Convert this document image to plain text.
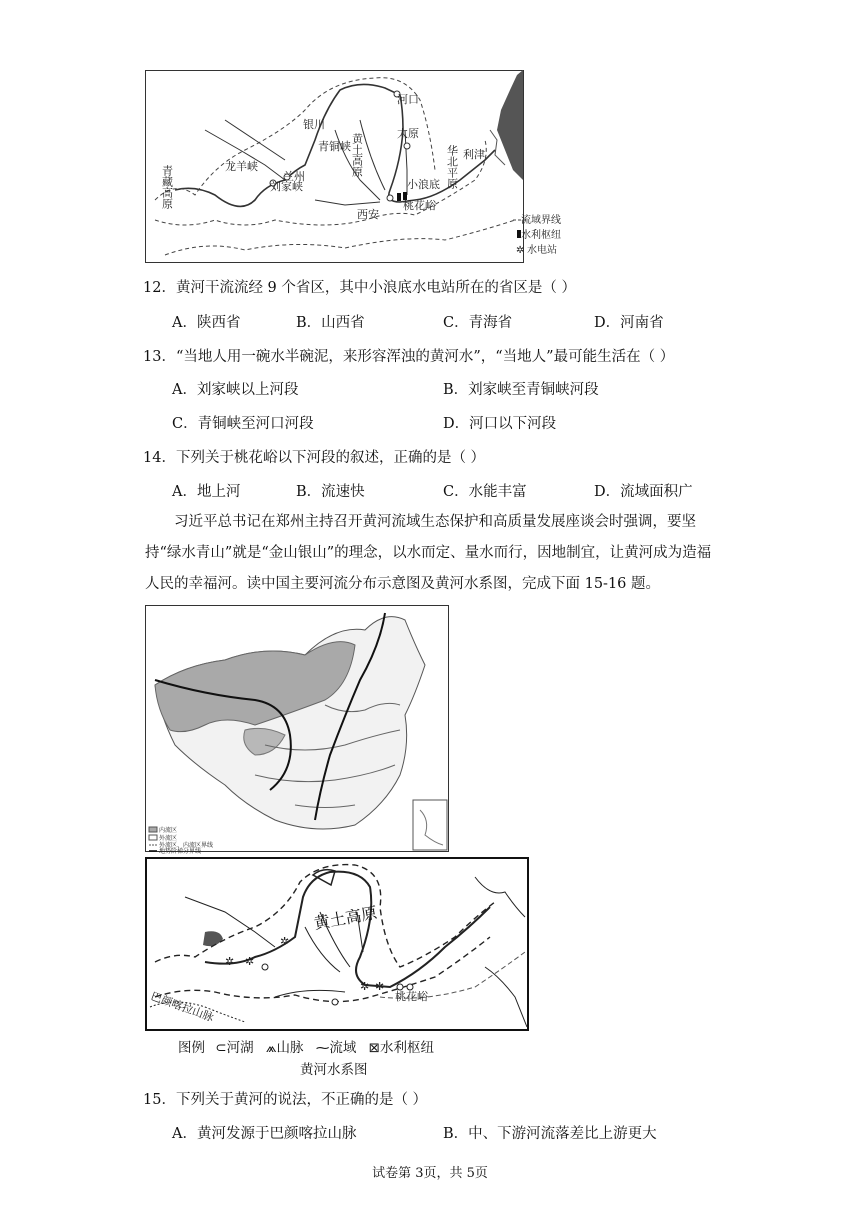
河口
银川
黄土高原
青铜峡
太原
华北平原 利津
青藏高原	龙羊峡
兰州
刘家峡	小浪底
桃花峪
西安	流域界线
水利枢纽
✲ 水电站
12．黄河干流流经 9 个省区，其中小浪底水电站所在的省区是（ ）
A．陕西省	B．山西省	C．青海省	D．河南省
13．“当地人用一碗水半碗泥，来形容浑浊的黄河水”，“当地人”最可能生活在（ ）
A．刘家峡以上河段	B．刘家峡至青铜峡河段
C．青铜峡至河口河段	D．河口以下河段
14．下列关于桃花峪以下河段的叙述，正确的是（ ）
A．地上河	B．流速快	C．水能丰富	D．流域面积广
习近平总书记在郑州主持召开黄河流域生态保护和高质量发展座谈会时强调，要坚持“绿水青山”就是“金山银山”的理念，以水而定、量水而行，因地制宜，让黄河成为造福人民的幸福河。读中国主要河流分布示意图及黄河水系图，完成下面 15-16 题。
内流区
外流区
外流区、内流区界线
地势阶梯分界线
✲
✲ ✲
✲ ✲
黄土高原
桃花峪
巴颜喀拉山脉
图例 ⊂河湖 ⩕山脉 ⁓流域 ⊠水利枢纽
黄河水系图
15．下列关于黄河的说法，不正确的是（ ）
A．黄河发源于巴颜喀拉山脉	B．中、下游河流落差比上游更大
试卷第 3页，共 5页
